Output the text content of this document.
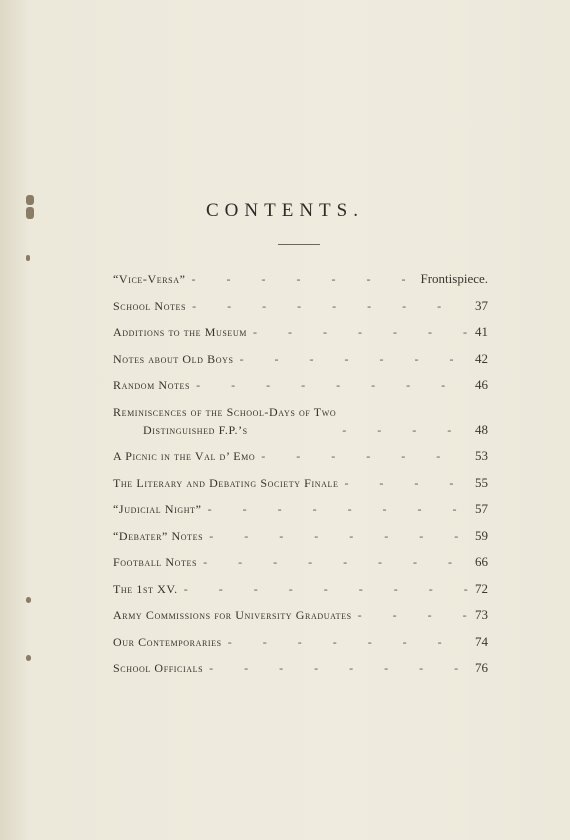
CONTENTS.
“Vice-Versa” - - -	Frontispiece.
School Notes - - -	37
Additions to the Museum - - -	41
Notes about Old Boys - - -	42
Random Notes - - -	46
Reminiscences of the School-Days of Two
Distinguished F.P.’s - - -	48
A Picnic in the Val d’ Emo - - -	53
The Literary and Debating Society Finale - - -	55
“Judicial Night” - - -	57
“Debater” Notes - - -	59
Football Notes - - -	66
The 1st XV. - - -	72
Army Commissions for University Graduates - - -	73
Our Contemporaries - - -	74
School Officials - - -	76
